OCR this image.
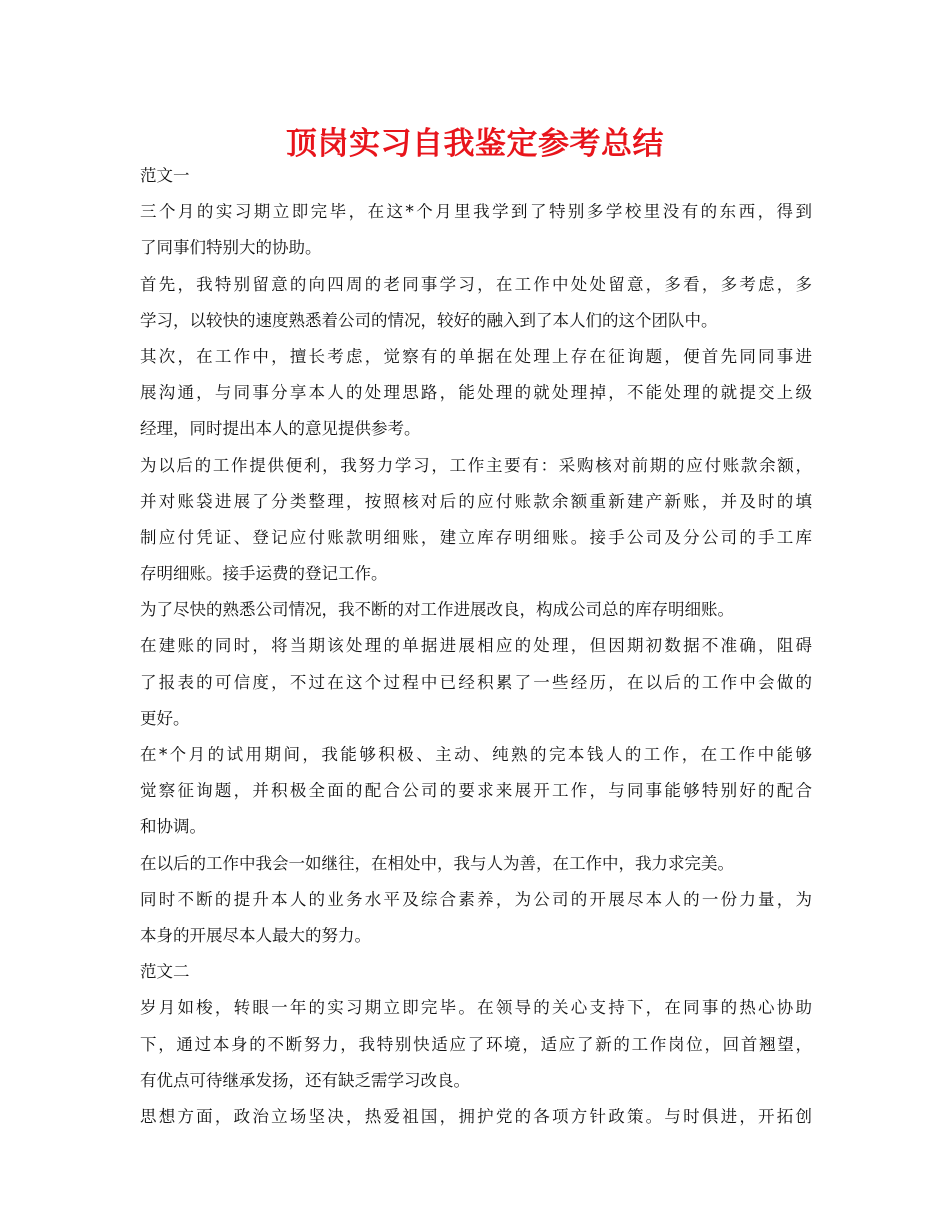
顶岗实习自我鉴定参考总结
范文一
三个月的实习期立即完毕，在这*个月里我学到了特别多学校里没有的东西，得到
了同事们特别大的协助。
首先，我特别留意的向四周的老同事学习，在工作中处处留意，多看，多考虑，多
学习，以较快的速度熟悉着公司的情况，较好的融入到了本人们的这个团队中。
其次，在工作中，擅长考虑，觉察有的单据在处理上存在征询题，便首先同同事进
展沟通，与同事分享本人的处理思路，能处理的就处理掉，不能处理的就提交上级
经理，同时提出本人的意见提供参考。
为以后的工作提供便利，我努力学习，工作主要有：采购核对前期的应付账款余额，
并对账袋进展了分类整理，按照核对后的应付账款余额重新建产新账，并及时的填
制应付凭证、登记应付账款明细账，建立库存明细账。接手公司及分公司的手工库
存明细账。接手运费的登记工作。
为了尽快的熟悉公司情况，我不断的对工作进展改良，构成公司总的库存明细账。
在建账的同时，将当期该处理的单据进展相应的处理，但因期初数据不准确，阻碍
了报表的可信度，不过在这个过程中已经积累了一些经历，在以后的工作中会做的
更好。
在*个月的试用期间，我能够积极、主动、纯熟的完本钱人的工作，在工作中能够
觉察征询题，并积极全面的配合公司的要求来展开工作，与同事能够特别好的配合
和协调。
在以后的工作中我会一如继往，在相处中，我与人为善，在工作中，我力求完美。
同时不断的提升本人的业务水平及综合素养，为公司的开展尽本人的一份力量，为
本身的开展尽本人最大的努力。
范文二
岁月如梭，转眼一年的实习期立即完毕。在领导的关心支持下，在同事的热心协助
下，通过本身的不断努力，我特别快适应了环境，适应了新的工作岗位，回首翘望，
有优点可待继承发扬，还有缺乏需学习改良。
思想方面，政治立场坚决，热爱祖国，拥护党的各项方针政策。与时俱进，开拓创
